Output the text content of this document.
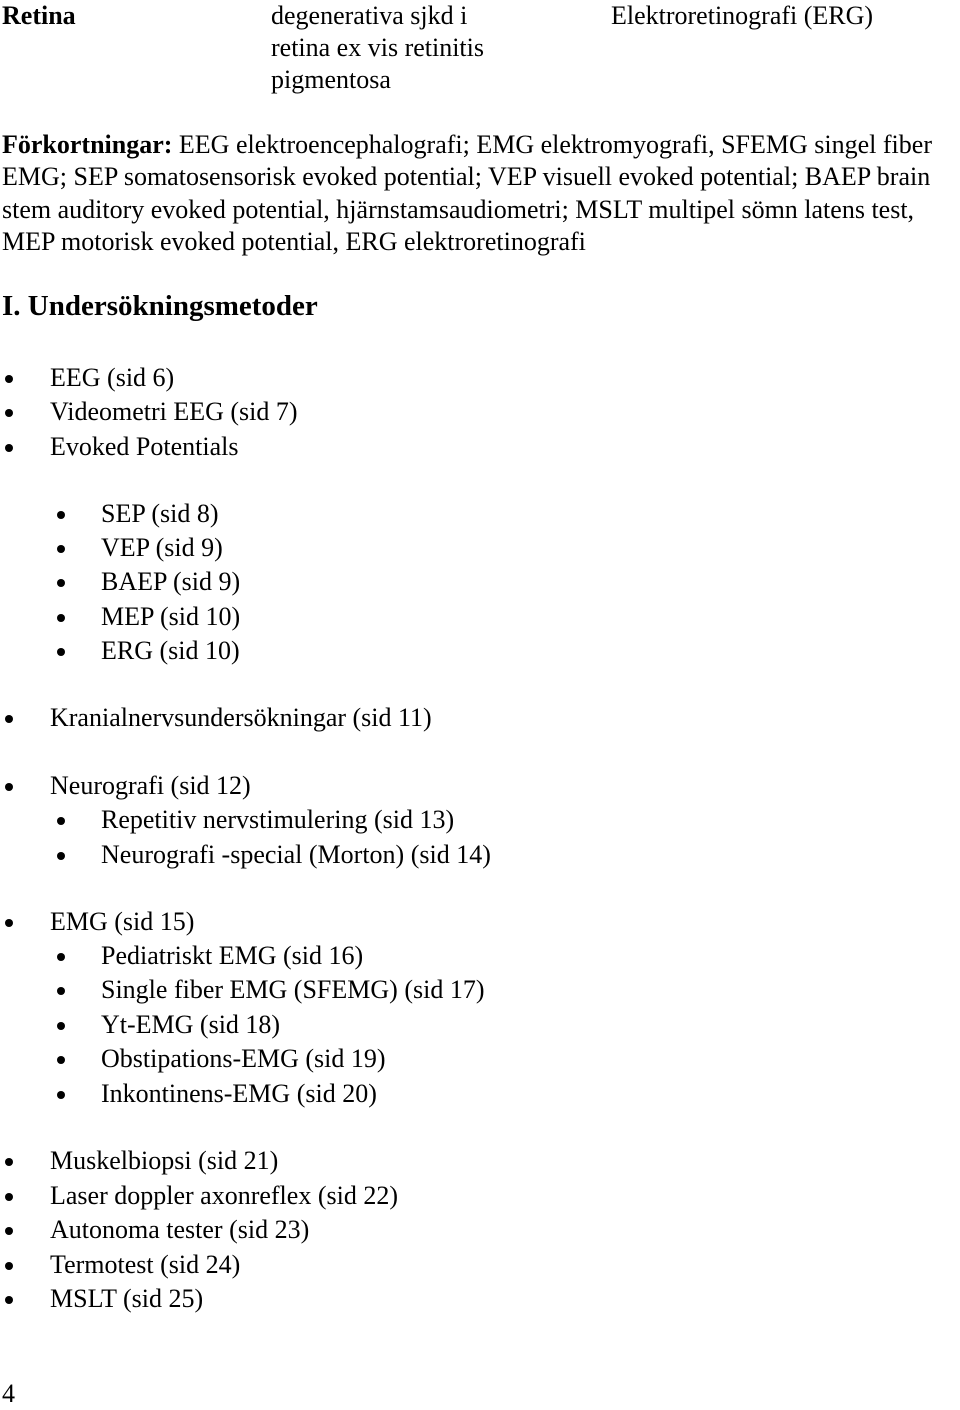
Retina	degenerativa sjkd i
retina ex vis retinitis
pigmentosa
Elektroretinografi (ERG)
Förkortningar: EEG elektroencephalografi; EMG elektromyografi, SFEMG singel fiber EMG; SEP somatosensorisk evoked potential; VEP visuell evoked potential; BAEP brain stem auditory evoked potential, hjärnstamsaudiometri; MSLT multipel sömn latens test, MEP motorisk evoked potential, ERG elektroretinografi
I. Undersökningsmetoder
EEG (sid 6)
Videometri EEG (sid 7)
Evoked Potentials
SEP (sid 8)
VEP (sid 9)
BAEP (sid 9)
MEP (sid 10)
ERG (sid 10)
Kranialnervsundersökningar (sid 11)
Neurografi (sid 12)
Repetitiv nervstimulering (sid 13)
Neurografi -special (Morton) (sid 14)
EMG (sid 15)
Pediatriskt EMG (sid 16)
Single fiber EMG (SFEMG) (sid 17)
Yt-EMG (sid 18)
Obstipations-EMG (sid 19)
Inkontinens-EMG (sid 20)
Muskelbiopsi (sid 21)
Laser doppler axonreflex (sid 22)
Autonoma tester (sid 23)
Termotest (sid 24)
MSLT (sid 25)
4
